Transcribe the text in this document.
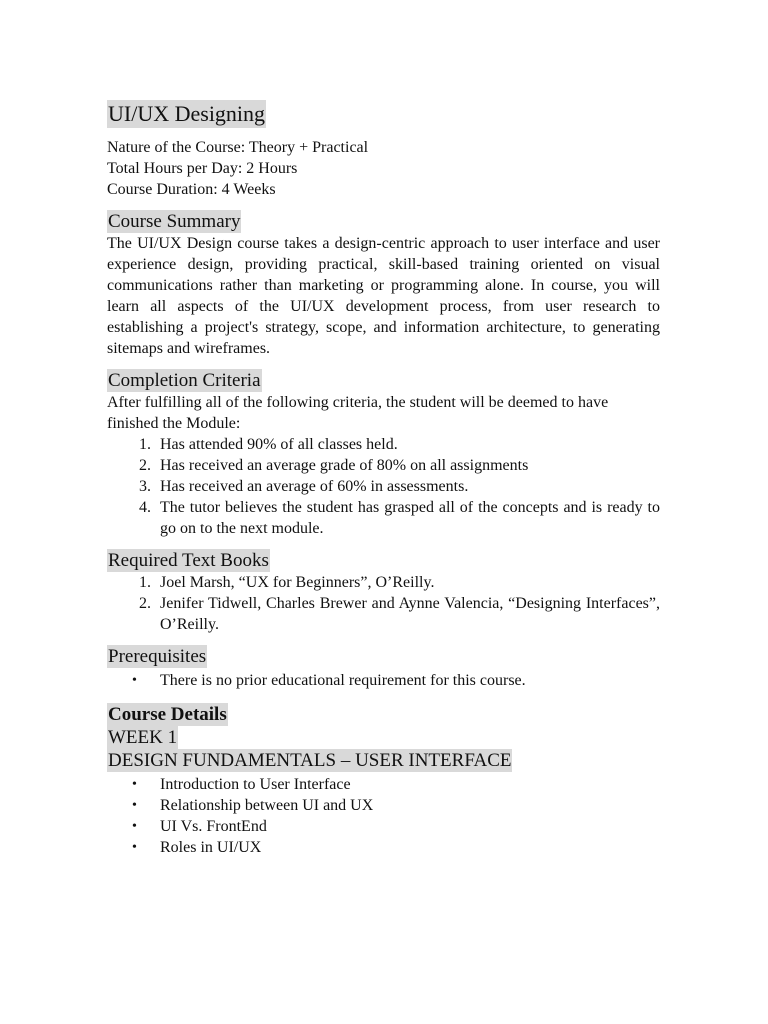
UI/UX Designing

Nature of the Course: Theory + Practical

Total Hours per Day: 2 Hours

Course Duration: 4 Weeks

Course Summary

The UI/UX Design course takes a design-centric approach to user interface and user experience design, providing practical, skill-based training oriented on visual communications rather than marketing or programming alone. In course, you will learn all aspects of the UI/UX development process, from user research to establishing a project's strategy, scope, and information architecture, to generating sitemaps and wireframes.

Completion Criteria

After fulfilling all of the following criteria, the student will be deemed to have finished the Module:

1. Has attended 90% of all classes held.
2. Has received an average grade of 80% on all assignments
3. Has received an average of 60% in assessments.
4. The tutor believes the student has grasped all of the concepts and is ready to go on to the next module.
Required Text Books
1. Joel Marsh, “UX for Beginners”, O’Reilly.
2. Jenifer Tidwell, Charles Brewer and Aynne Valencia, “Designing Interfaces”, O’Reilly.
Prerequisites
• There is no prior educational requirement for this course.
Course Details
WEEK 1
DESIGN FUNDAMENTALS – USER INTERFACE
• Introduction to User Interface
• Relationship between UI and UX
• UI Vs. FrontEnd
• Roles in UI/UX
